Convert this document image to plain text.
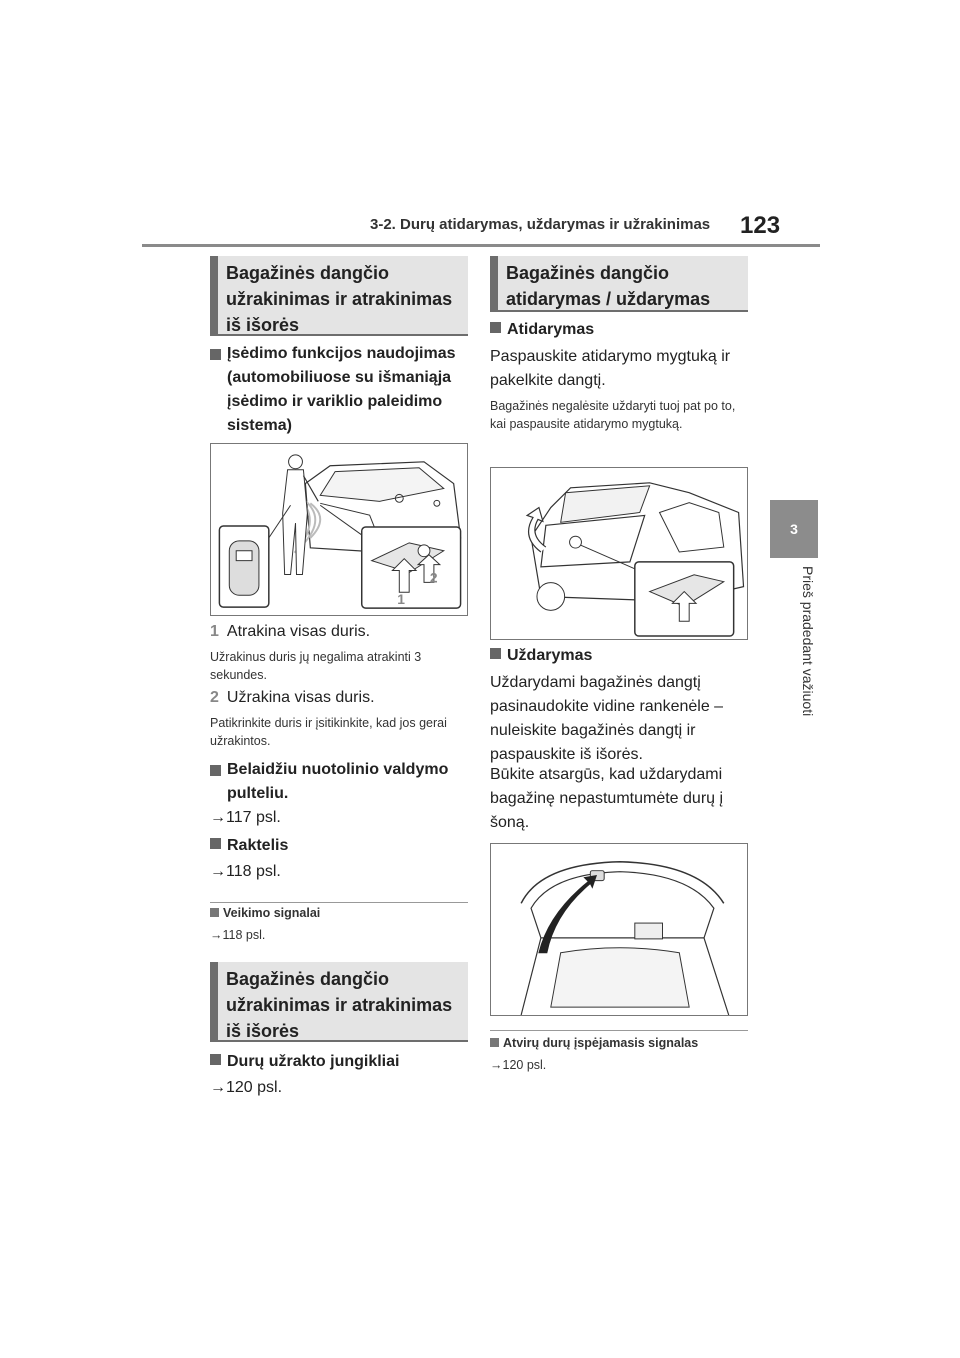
3-2. Durų atidarymas, uždarymas ir užrakinimas 123
3
Prieš pradedant važiuoti
Bagažinės dangčio užrakinimas ir atrakinimas iš išorės
Įsėdimo funkcijos naudojimas (automobiliuose su išmaniąja įsėdimo ir variklio paleidimo sistema)
1
2
1 Atrakina visas duris.
Užrakinus duris jų negalima atrakinti 3 sekundes.
2 Užrakina visas duris.
Patikrinkite duris ir įsitikinkite, kad jos gerai užrakintos.
Belaidžiu nuotolinio valdymo pulteliu.
→117 psl.
Raktelis
→118 psl.
Veikimo signalai
→118 psl.
Bagažinės dangčio užrakinimas ir atrakinimas iš išorės
Durų užrakto jungikliai
→120 psl.
Bagažinės dangčio atidarymas / uždarymas
Atidarymas
Paspauskite atidarymo mygtuką ir pakelkite dangtį.
Bagažinės negalėsite uždaryti tuoj pat po to, kai paspausite atidarymo mygtuką.
Uždarymas
Uždarydami bagažinės dangtį pasinaudokite vidine rankenėle – nuleiskite bagažinės dangtį ir paspauskite iš išorės.
Būkite atsargūs, kad uždarydami bagažinę nepastumtumėte durų į šoną.
Atvirų durų įspėjamasis signalas
→120 psl.
